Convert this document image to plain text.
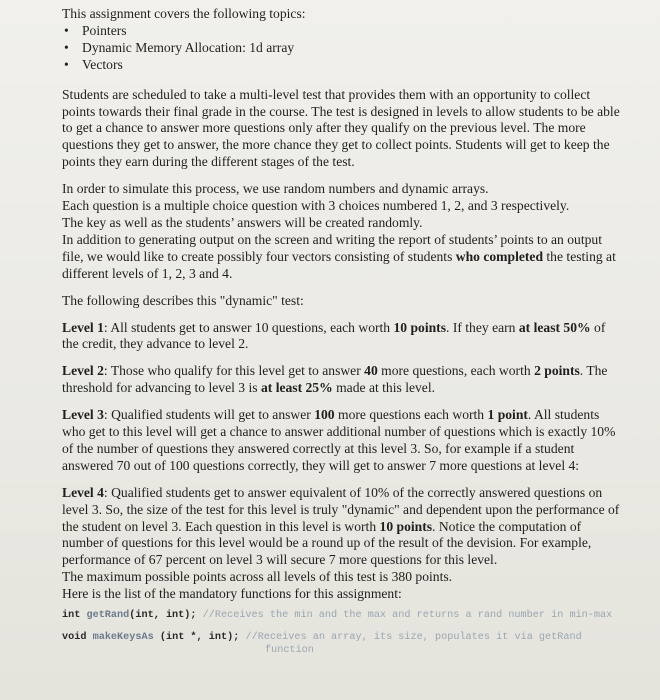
This assignment covers the following topics:

• Pointers
• Dynamic Memory Allocation: 1d array
• Vectors

Students are scheduled to take a multi-level test that provides them with an opportunity to collect points towards their final grade in the course. The test is designed in levels to allow students to be able to get a chance to answer more questions only after they qualify on the previous level. The more questions they get to answer, the more chance they get to collect points. Students will get to keep the points they earn during the different stages of the test.

In order to simulate this process, we use random numbers and dynamic arrays.

Each question is a multiple choice question with 3 choices numbered 1, 2, and 3 respectively.

The key as well as the students’ answers will be created randomly.

In addition to generating output on the screen and writing the report of students’ points to an output file, we would like to create possibly four vectors consisting of students who completed the testing at different levels of 1, 2, 3 and 4.

The following describes this "dynamic" test:

Level 1: All students get to answer 10 questions, each worth 10 points. If they earn at least 50% of the credit, they advance to level 2.

Level 2: Those who qualify for this level get to answer 40 more questions, each worth 2 points. The threshold for advancing to level 3 is at least 25% made at this level.

Level 3: Qualified students will get to answer 100 more questions each worth 1 point. All students who get to this level will get a chance to answer additional number of questions which is exactly 10% of the number of questions they answered correctly at this level 3. So, for example if a student answered 70 out of 100 questions correctly, they will get to answer 7 more questions at level 4:

Level 4: Qualified students get to answer equivalent of 10% of the correctly answered questions on level 3. So, the size of the test for this level is truly "dynamic" and dependent upon the performance of the student on level 3. Each question in this level is worth 10 points. Notice the computation of number of questions for this level would be a round up of the result of the devision. For example, performance of 67 percent on level 3 will secure 7 more questions for this level.

The maximum possible points across all levels of this test is 380 points.

Here is the list of the mandatory functions for this assignment:

int getRand(int, int); //Receives the min and the max and returns a rand number in min-max
void makeKeysAs (int *, int); //Receives an array, its size, populates it via getRand
function
